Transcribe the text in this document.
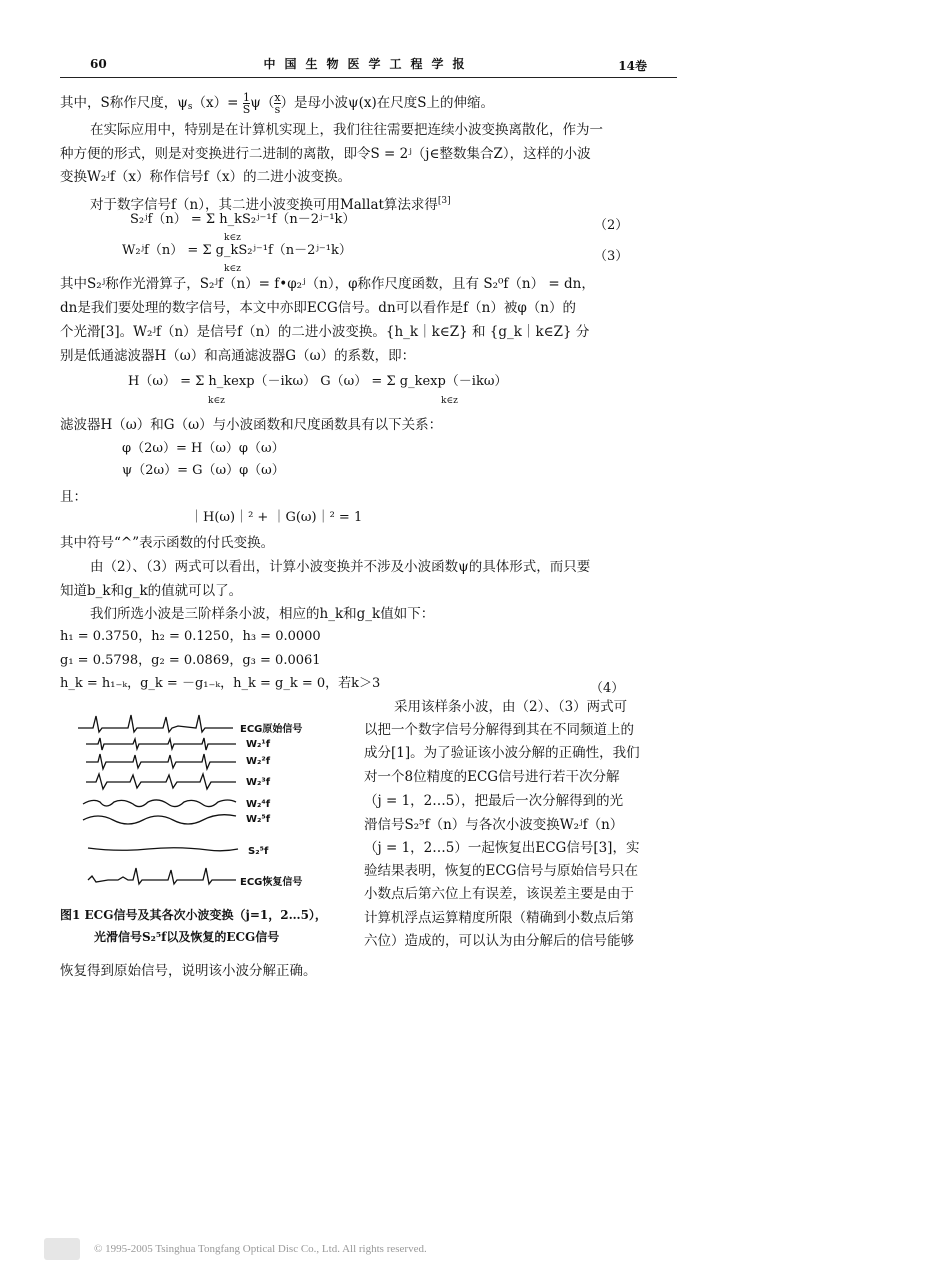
60	中国生物医学工程学报	14卷
其中，S称作尺度，$\psi_s(x)= \frac{1}{S} \psi( \frac{x}{s}$ ）是母小波ψ(x)在尺度S上的伸缩。
在实际应用中，特别是在计算机实现上，我们往往需要把连续小波变换离散化，作为一
种方便的形式，则是对变换进行二进制的离散，即令S = 2ʲ（j∈整数集合Z），这样的小波
变换W₂ʲf（x）称作信号f（x）的二进小波变换。
对于数字信号f（n），其二进小波变换可用Mallat算法求得[3]
S₂ʲf（n） = Σ h_kS₂ʲ⁻¹f（n－2ʲ⁻¹k）
k∈z
（2）
W₂ʲf（n） = Σ g_kS₂ʲ⁻¹f（n－2ʲ⁻¹k）
k∈z
（3）
其中S₂ʲ称作光滑算子，S₂ʲf（n）= f•φ₂ʲ（n），φ称作尺度函数，且有 S₂⁰f（n） = dn，
dn是我们要处理的数字信号，本文中亦即ECG信号。dn可以看作是f（n）被φ（n）的
个光滑[3]。W₂ʲf（n）是信号f（n）的二进小波变换。{h_k｜k∈Z} 和 {g_k｜k∈Z} 分
别是低通滤波器H（ω）和高通滤波器G（ω）的系数，即：
H（ω） = Σ h_kexp（－ikω） G（ω） = Σ g_kexp（－ikω）
k∈z	k∈z
滤波器H（ω）和G（ω）与小波函数和尺度函数具有以下关系：
φ（2ω）= H（ω）φ（ω）
ψ（2ω）= G（ω）φ（ω）
且：
｜H(ω)｜² + ｜G(ω)｜² = 1
其中符号“^”表示函数的付氏变换。
由（2）、（3）两式可以看出，计算小波变换并不涉及小波函数ψ的具体形式，而只要
知道b_k和g_k的值就可以了。
我们所选小波是三阶样条小波，相应的h_k和g_k值如下：
h₁ = 0.3750，h₂ = 0.1250，h₃ = 0.0000
g₁ = 0.5798，g₂ = 0.0869，g₃ = 0.0061
h_k = h₁₋ₖ，g_k = －g₁₋ₖ，h_k = g_k = 0，若k＞3	（4）
采用该样条小波，由（2）、（3）两式可
以把一个数字信号分解得到其在不同频道上的
成分[1]。为了验证该小波分解的正确性，我们
对一个8位精度的ECG信号进行若干次分解
（j = 1，2…5），把最后一次分解得到的光
滑信号S₂⁵f（n）与各次小波变换W₂ʲf（n）
（j = 1，2…5）一起恢复出ECG信号[3]，实
验结果表明，恢复的ECG信号与原始信号只在
小数点后第六位上有误差，该误差主要是由于
计算机浮点运算精度所限（精确到小数点后第
六位）造成的，可以认为由分解后的信号能够
ECG原始信号
W₂¹f
W₂²f
W₂³f
W₂⁴f
W₂⁵f
S₂⁵f
ECG恢复信号
图1 ECG信号及其各次小波变换（j=1，2…5），
光滑信号S₂⁵f以及恢复的ECG信号
恢复得到原始信号，说明该小波分解正确。
© 1995-2005 Tsinghua Tongfang Optical Disc Co., Ltd. All rights reserved.
